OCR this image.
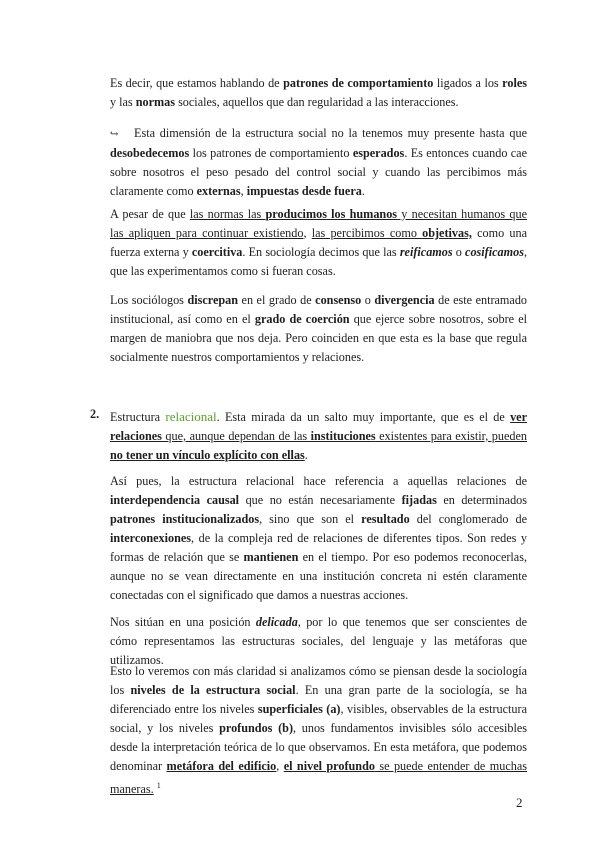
Es decir, que estamos hablando de patrones de comportamiento ligados a los roles y las normas sociales, aquellos que dan regularidad a las interacciones.

↪ Esta dimensión de la estructura social no la tenemos muy presente hasta que desobedecemos los patrones de comportamiento esperados. Es entonces cuando cae sobre nosotros el peso pesado del control social y cuando las percibimos más claramente como externas, impuestas desde fuera.

A pesar de que las normas las producimos los humanos y necesitan humanos que las apliquen para continuar existiendo, las percibimos como objetivas, como una fuerza externa y coercitiva. En sociología decimos que las reificamos o cosificamos, que las experimentamos como si fueran cosas.

Los sociólogos discrepan en el grado de consenso o divergencia de este entramado institucional, así como en el grado de coerción que ejerce sobre nosotros, sobre el margen de maniobra que nos deja. Pero coinciden en que esta es la base que regula socialmente nuestros comportamientos y relaciones.

2. Estructura relacional. Esta mirada da un salto muy importante, que es el de ver relaciones que, aunque dependan de las instituciones existentes para existir, pueden no tener un vínculo explícito con ellas.

Así pues, la estructura relacional hace referencia a aquellas relaciones de interdependencia causal que no están necesariamente fijadas en determinados patrones institucionalizados, sino que son el resultado del conglomerado de interconexiones, de la compleja red de relaciones de diferentes tipos. Son redes y formas de relación que se mantienen en el tiempo. Por eso podemos reconocerlas, aunque no se vean directamente en una institución concreta ni estén claramente conectadas con el significado que damos a nuestras acciones.

Nos sitúan en una posición delicada, por lo que tenemos que ser conscientes de cómo representamos las estructuras sociales, del lenguaje y las metáforas que utilizamos.

Esto lo veremos con más claridad si analizamos cómo se piensan desde la sociología los niveles de la estructura social. En una gran parte de la sociología, se ha diferenciado entre los niveles superficiales (a), visibles, observables de la estructura social, y los niveles profundos (b), unos fundamentos invisibles sólo accesibles desde la interpretación teórica de lo que observamos. En esta metáfora, que podemos denominar metáfora del edificio, el nivel profundo se puede entender de muchas maneras. $^1$

2
